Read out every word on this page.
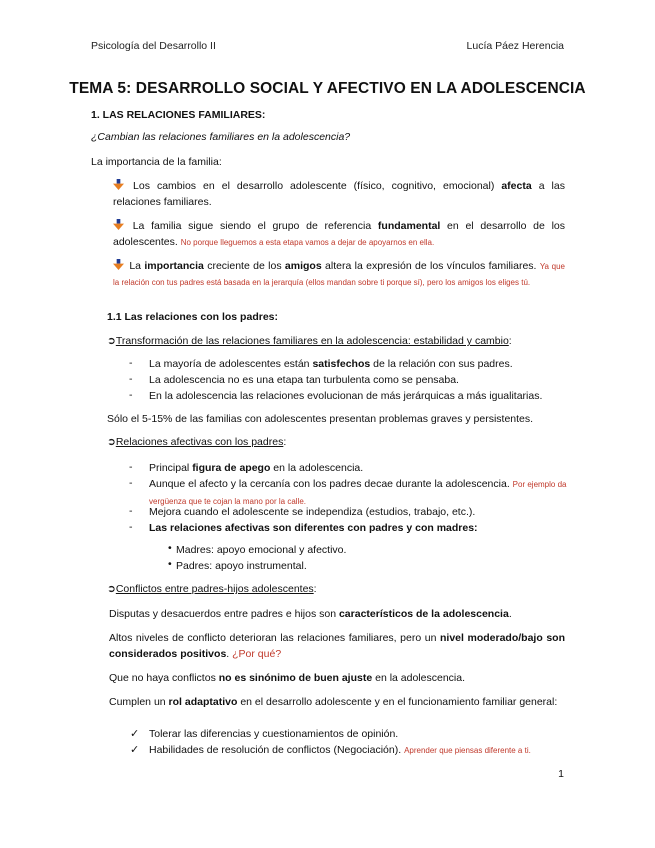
Psicología del Desarrollo II	Lucía Páez Herencia
TEMA 5: DESARROLLO SOCIAL Y AFECTIVO EN LA ADOLESCENCIA
1. LAS RELACIONES FAMILIARES:
¿Cambian las relaciones familiares en la adolescencia?
La importancia de la familia:
Los cambios en el desarrollo adolescente (físico, cognitivo, emocional) afecta a las relaciones familiares.
La familia sigue siendo el grupo de referencia fundamental en el desarrollo de los adolescentes. No porque lleguemos a esta etapa vamos a dejar de apoyarnos en ella.
La importancia creciente de los amigos altera la expresión de los vínculos familiares. Ya que la relación con tus padres está basada en la jerarquía (ellos mandan sobre ti porque sí), pero los amigos los eliges tú.
1.1 Las relaciones con los padres:
➲Transformación de las relaciones familiares en la adolescencia: estabilidad y cambio:
- La mayoría de adolescentes están satisfechos de la relación con sus padres.
- La adolescencia no es una etapa tan turbulenta como se pensaba.
- En la adolescencia las relaciones evolucionan de más jerárquicas a más igualitarias.
Sólo el 5-15% de las familias con adolescentes presentan problemas graves y persistentes.
➲Relaciones afectivas con los padres:
- Principal figura de apego en la adolescencia.
- Aunque el afecto y la cercanía con los padres decae durante la adolescencia. Por ejemplo da vergüenza que te cojan la mano por la calle.
- Mejora cuando el adolescente se independiza (estudios, trabajo, etc.).
- Las relaciones afectivas son diferentes con padres y con madres:
• Madres: apoyo emocional y afectivo.
• Padres: apoyo instrumental.
➲Conflictos entre padres-hijos adolescentes:
Disputas y desacuerdos entre padres e hijos son característicos de la adolescencia.
Altos niveles de conflicto deterioran las relaciones familiares, pero un nivel moderado/bajo son considerados positivos. ¿Por qué?
Que no haya conflictos no es sinónimo de buen ajuste en la adolescencia.
Cumplen un rol adaptativo en el desarrollo adolescente y en el funcionamiento familiar general:
✓ Tolerar las diferencias y cuestionamientos de opinión.
✓ Habilidades de resolución de conflictos (Negociación). Aprender que piensas diferente a ti.
1
